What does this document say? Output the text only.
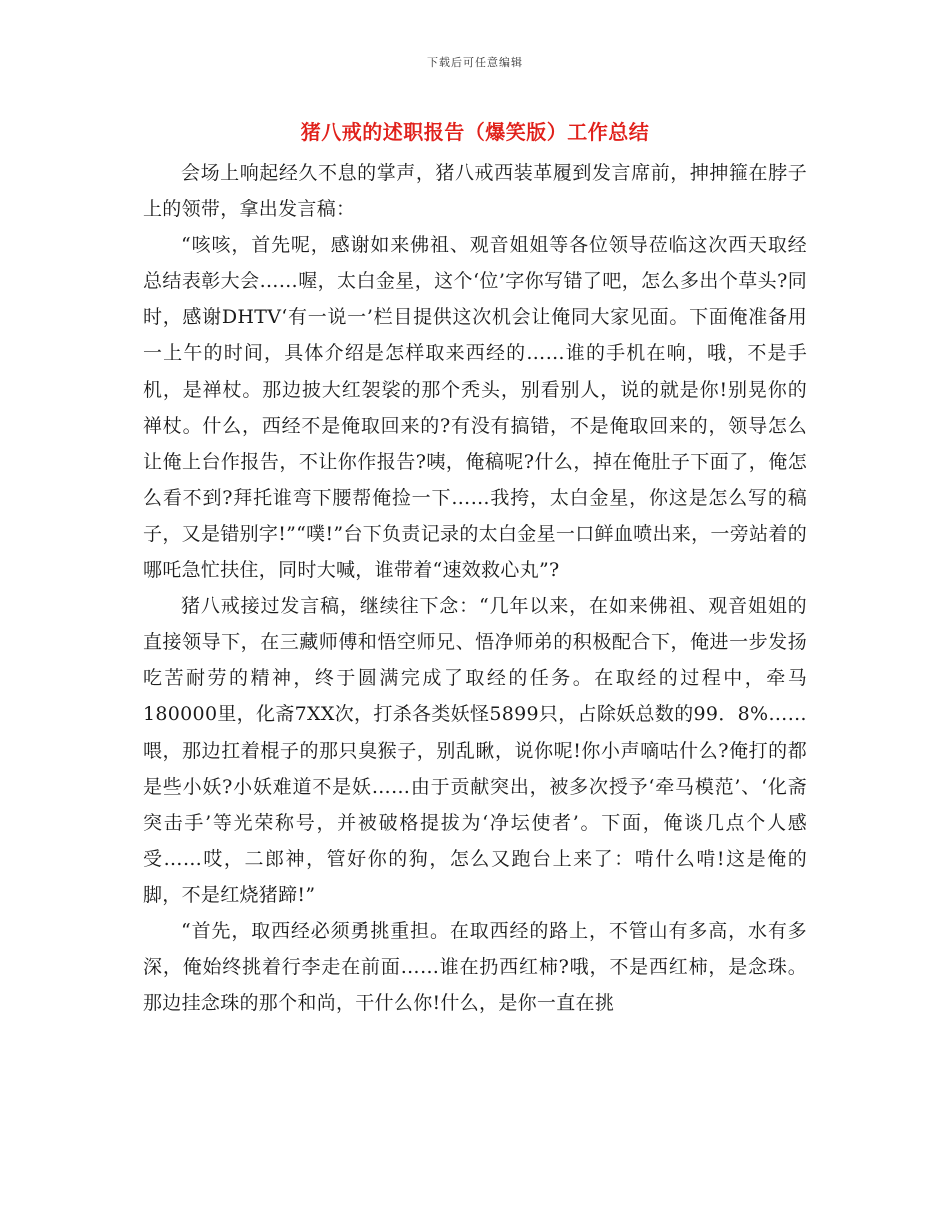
下载后可任意编辑
猪八戒的述职报告（爆笑版）工作总结

会场上响起经久不息的掌声，猪八戒西装革履到发言席前，抻抻箍在脖子上的领带，拿出发言稿：

“咳咳，首先呢，感谢如来佛祖、观音姐姐等各位领导莅临这次西天取经总结表彰大会……喔，太白金星，这个‘位’字你写错了吧，怎么多出个草头?同时，感谢DHTV‘有一说一’栏目提供这次机会让俺同大家见面。下面俺准备用一上午的时间，具体介绍是怎样取来西经的……谁的手机在响，哦，不是手机，是禅杖。那边披大红袈裟的那个秃头，别看别人，说的就是你!别晃你的禅杖。什么，西经不是俺取回来的?有没有搞错，不是俺取回来的，领导怎么让俺上台作报告，不让你作报告?咦，俺稿呢?什么，掉在俺肚子下面了，俺怎么看不到?拜托谁弯下腰帮俺捡一下……我挎，太白金星，你这是怎么写的稿子，又是错别字!”“噗!”台下负责记录的太白金星一口鲜血喷出来，一旁站着的哪吒急忙扶住，同时大喊，谁带着“速效救心丸”?

猪八戒接过发言稿，继续往下念：“几年以来，在如来佛祖、观音姐姐的直接领导下，在三藏师傅和悟空师兄、悟净师弟的积极配合下，俺进一步发扬吃苦耐劳的精神，终于圆满完成了取经的任务。在取经的过程中，牵马180000里，化斋7XX次，打杀各类妖怪5899只，占除妖总数的99．8%……喂，那边扛着棍子的那只臭猴子，别乱瞅，说你呢!你小声嘀咕什么?俺打的都是些小妖?小妖难道不是妖……由于贡献突出，被多次授予‘牵马模范’、‘化斋突击手’等光荣称号，并被破格提拔为‘净坛使者’。下面，俺谈几点个人感受……哎，二郎神，管好你的狗，怎么又跑台上来了：啃什么啃!这是俺的脚，不是红烧猪蹄!”

“首先，取西经必须勇挑重担。在取西经的路上，不管山有多高，水有多深，俺始终挑着行李走在前面……谁在扔西红柿?哦，不是西红柿，是念珠。那边挂念珠的那个和尚，干什么你!什么，是你一直在挑
